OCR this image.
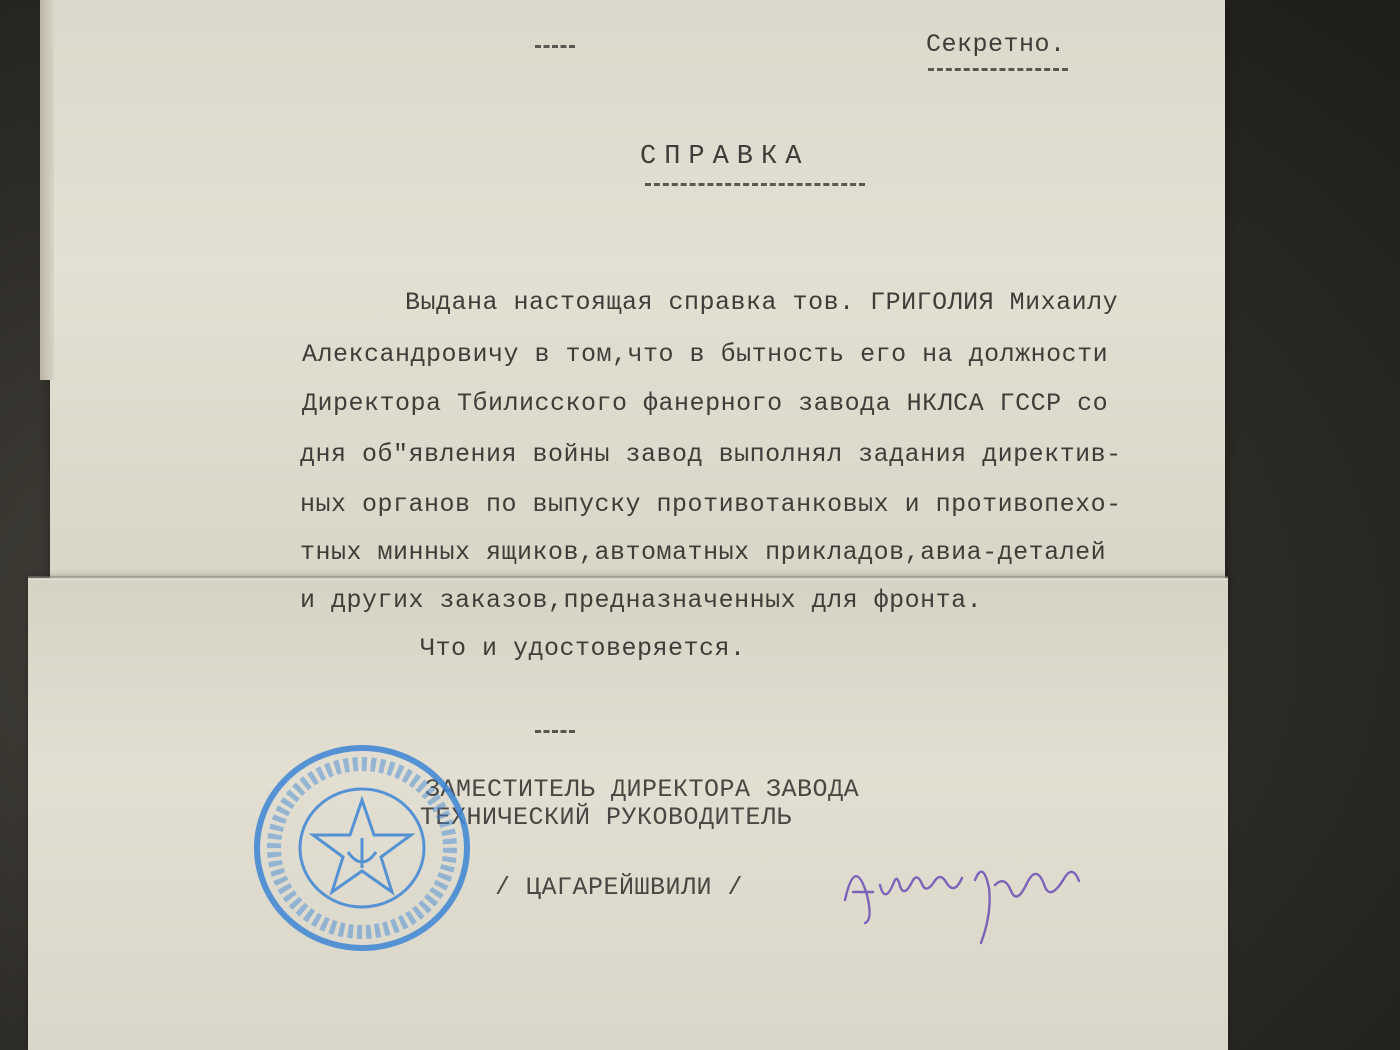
Секретно.
СПРАВКА
Выдана настоящая справка тов. ГРИГОЛИЯ Михаилу
Александровичу в том,что в бытность его на должности
Директора Тбилисского фанерного завода НКЛСА ГССР со
дня об"явления войны завод выполнял задания директив-
ных органов по выпуску противотанковых и противопехо-
тных минных ящиков,автоматных прикладов,авиа-деталей
и других заказов,предназначенных для фронта.
Что и удостоверяется.
ЗАМЕСТИТЕЛЬ ДИРЕКТОРА ЗАВОДА
ТЕХНИЧЕСКИЙ РУКОВОДИТЕЛЬ
/ ЦАГАРЕЙШВИЛИ /
